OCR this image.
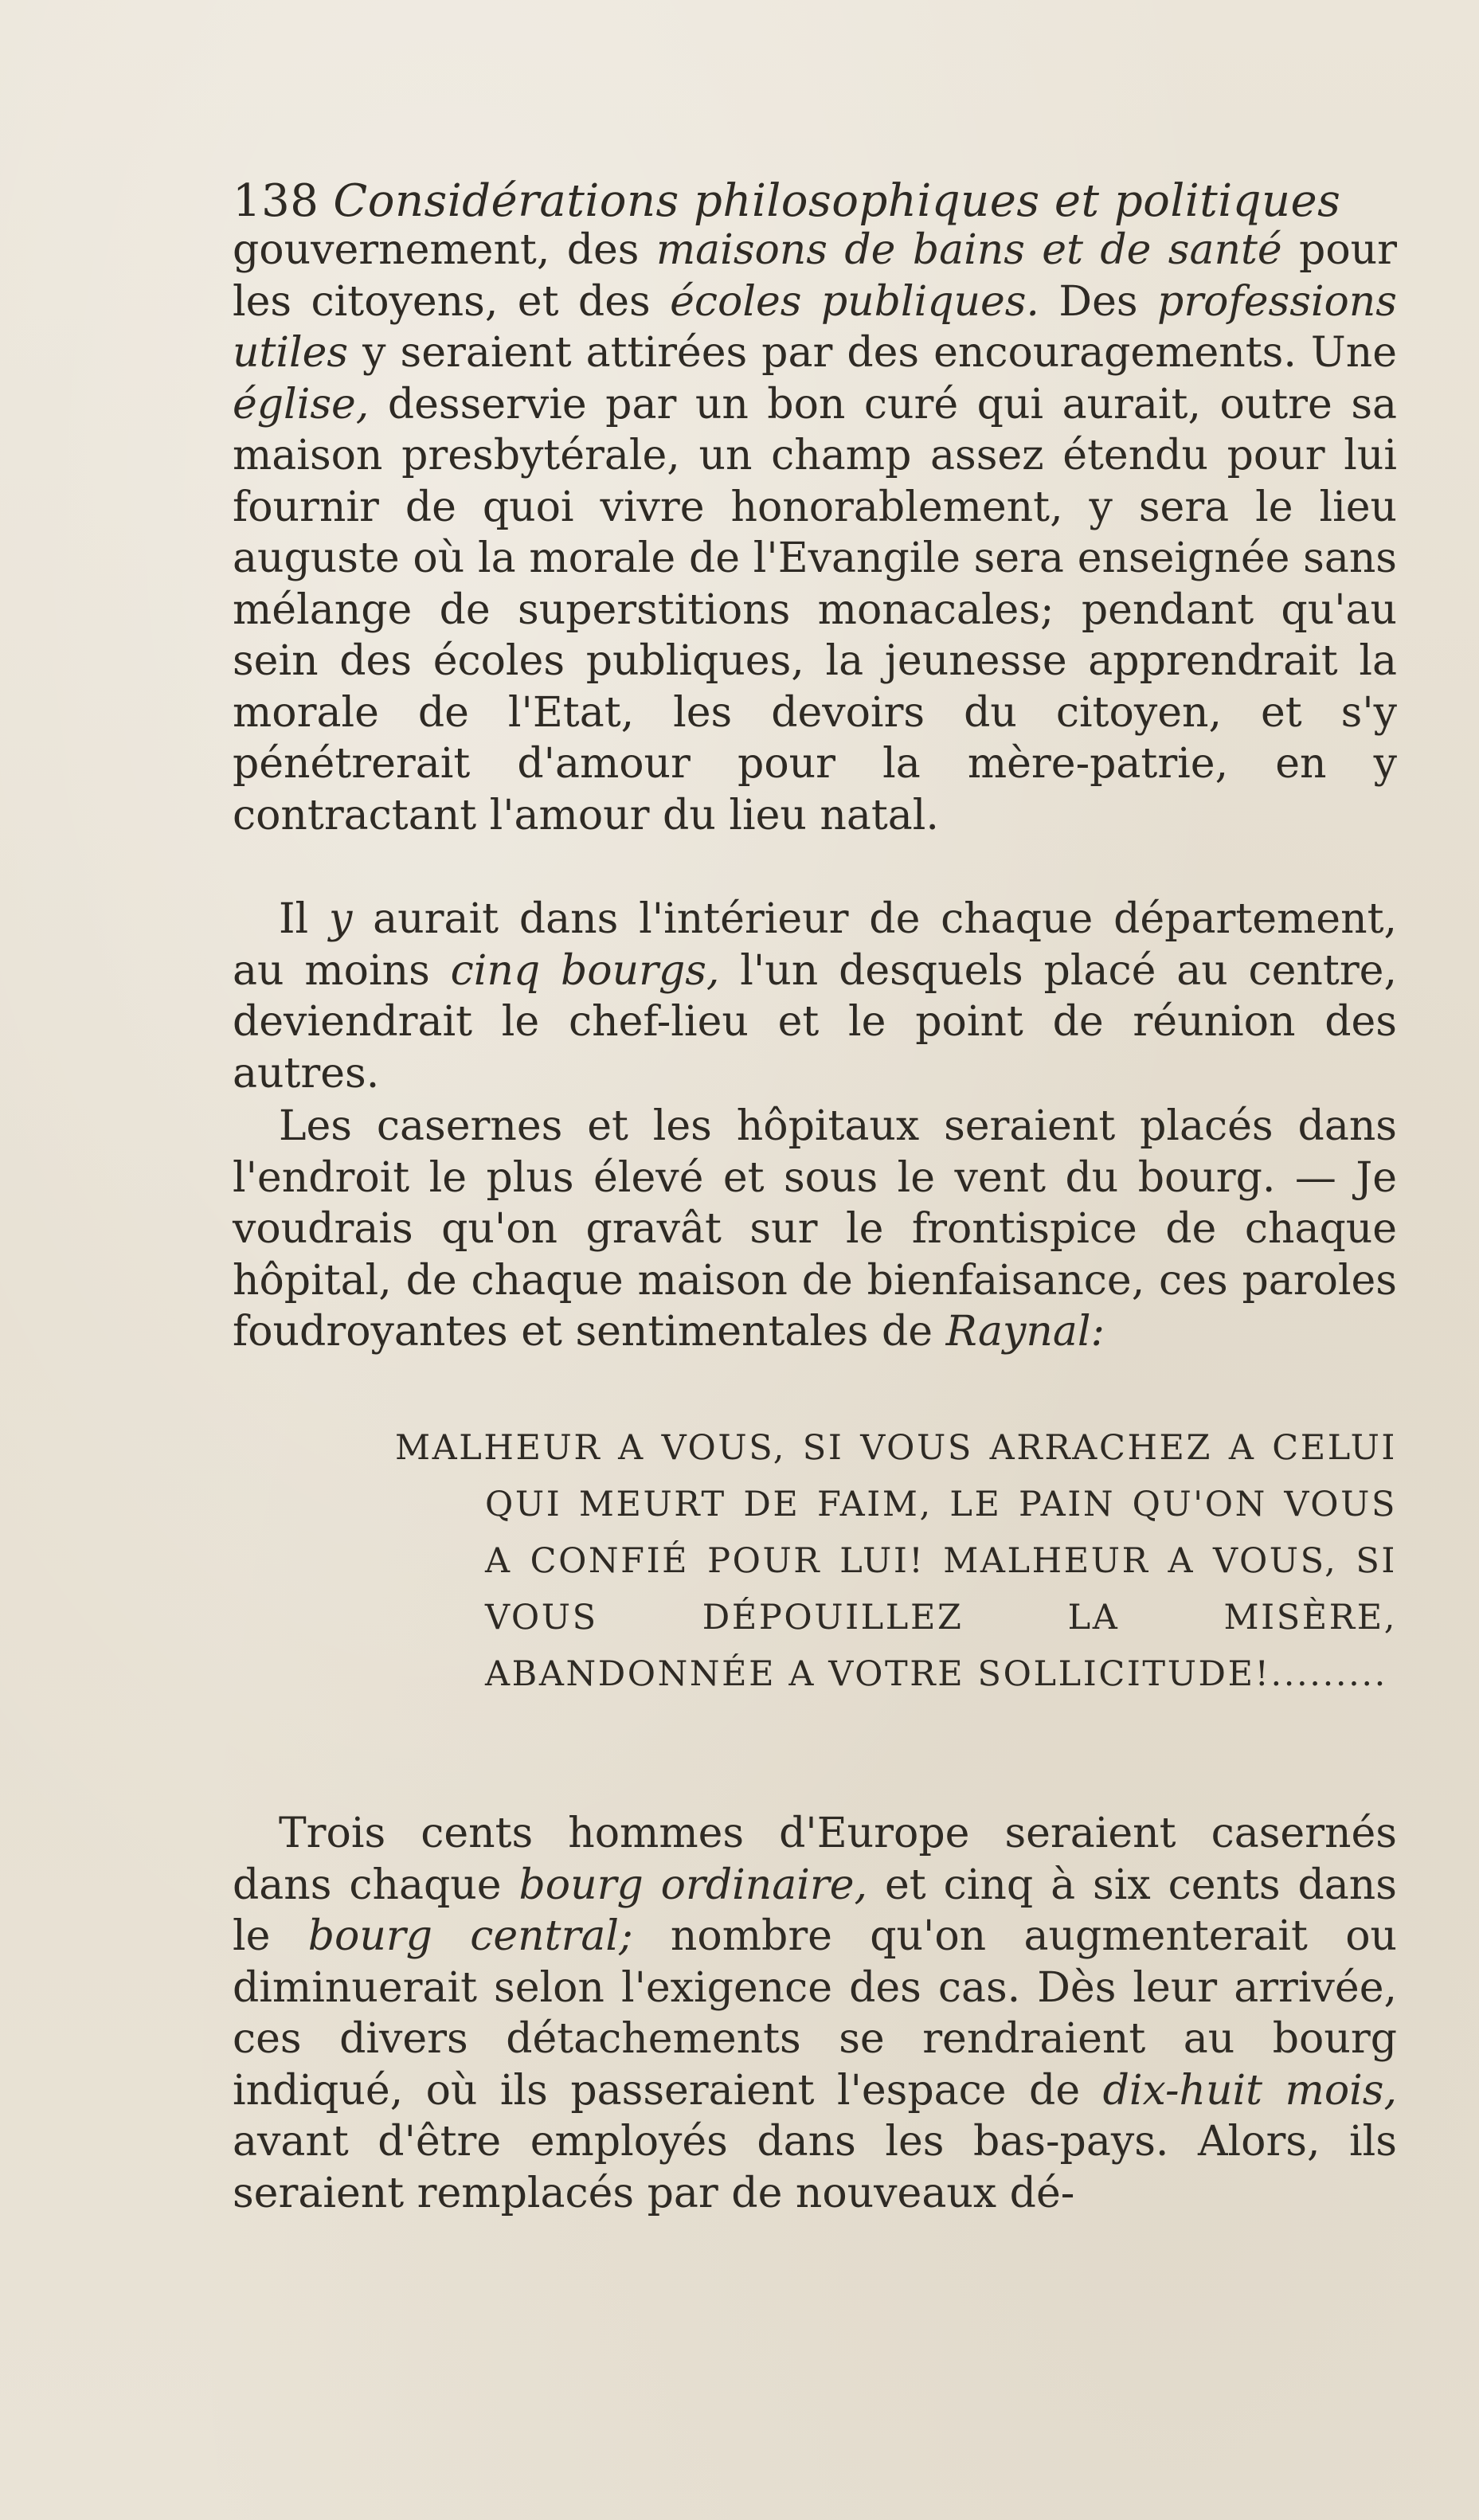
138 Considérations philosophiques et politiques

gouvernement, des maisons de bains et de santé pour les citoyens, et des écoles publiques. Des professions utiles y seraient attirées par des encouragements. Une église, desservie par un bon curé qui aurait, outre sa maison presbytérale, un champ assez étendu pour lui fournir de quoi vivre honorablement, y sera le lieu auguste où la morale de l'Evangile sera enseignée sans mélange de superstitions monacales; pendant qu'au sein des écoles publiques, la jeunesse apprendrait la morale de l'Etat, les devoirs du citoyen, et s'y pénétrerait d'amour pour la mère-patrie, en y contractant l'amour du lieu natal.

Il y aurait dans l'intérieur de chaque département, au moins cinq bourgs, l'un desquels placé au centre, deviendrait le chef-lieu et le point de réunion des autres.

Les casernes et les hôpitaux seraient placés dans l'endroit le plus élevé et sous le vent du bourg. — Je voudrais qu'on gravât sur le frontispice de chaque hôpital, de chaque maison de bienfaisance, ces paroles foudroyantes et sentimentales de Raynal:

MALHEUR A VOUS, SI VOUS ARRACHEZ A CELUI QUI MEURT DE FAIM, LE PAIN QU'ON VOUS A CONFIÉ POUR LUI! MALHEUR A VOUS, SI VOUS DÉPOUILLEZ LA MISÈRE, ABANDONNÉE A VOTRE SOLLICITUDE!.........

Trois cents hommes d'Europe seraient casernés dans chaque bourg ordinaire, et cinq à six cents dans le bourg central; nombre qu'on augmenterait ou diminuerait selon l'exigence des cas. Dès leur arrivée, ces divers détachements se rendraient au bourg indiqué, où ils passeraient l'espace de dix-huit mois, avant d'être employés dans les bas-pays. Alors, ils seraient remplacés par de nouveaux dé-
